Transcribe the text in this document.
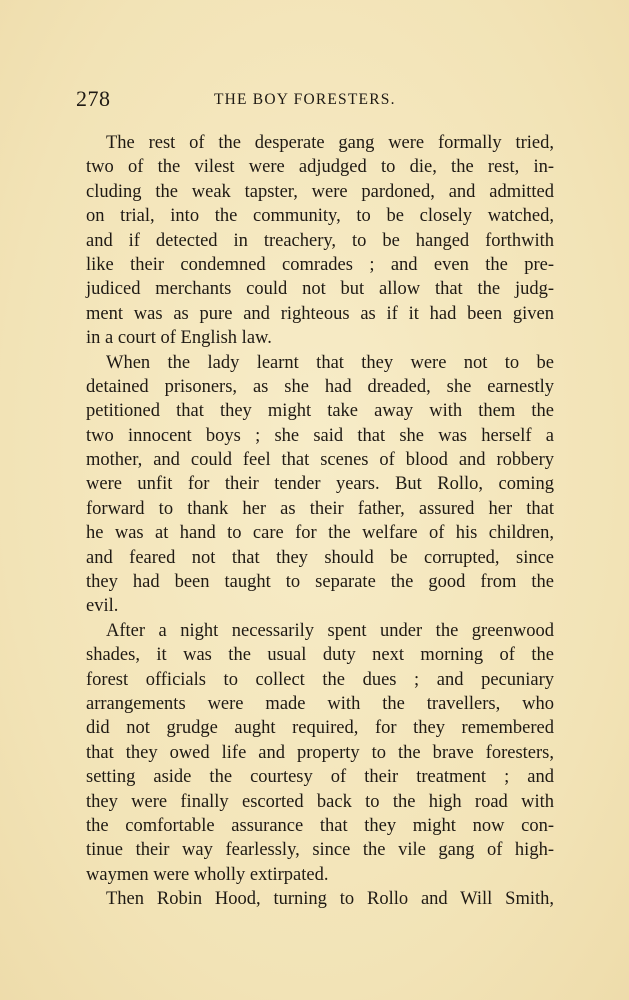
278	THE BOY FORESTERS.
The rest of the desperate gang were formally tried,
two of the vilest were adjudged to die, the rest, in-
cluding the weak tapster, were pardoned, and admitted
on trial, into the community, to be closely watched,
and if detected in treachery, to be hanged forthwith
like their condemned comrades ; and even the pre-
judiced merchants could not but allow that the judg-
ment was as pure and righteous as if it had been given
in a court of English law.
When the lady learnt that they were not to be
detained prisoners, as she had dreaded, she earnestly
petitioned that they might take away with them the
two innocent boys ; she said that she was herself a
mother, and could feel that scenes of blood and robbery
were unfit for their tender years. But Rollo, coming
forward to thank her as their father, assured her that
he was at hand to care for the welfare of his children,
and feared not that they should be corrupted, since
they had been taught to separate the good from the
evil.
After a night necessarily spent under the greenwood
shades, it was the usual duty next morning of the
forest officials to collect the dues ; and pecuniary
arrangements were made with the travellers, who
did not grudge aught required, for they remembered
that they owed life and property to the brave foresters,
setting aside the courtesy of their treatment ; and
they were finally escorted back to the high road with
the comfortable assurance that they might now con-
tinue their way fearlessly, since the vile gang of high-
waymen were wholly extirpated.
Then Robin Hood, turning to Rollo and Will Smith,
